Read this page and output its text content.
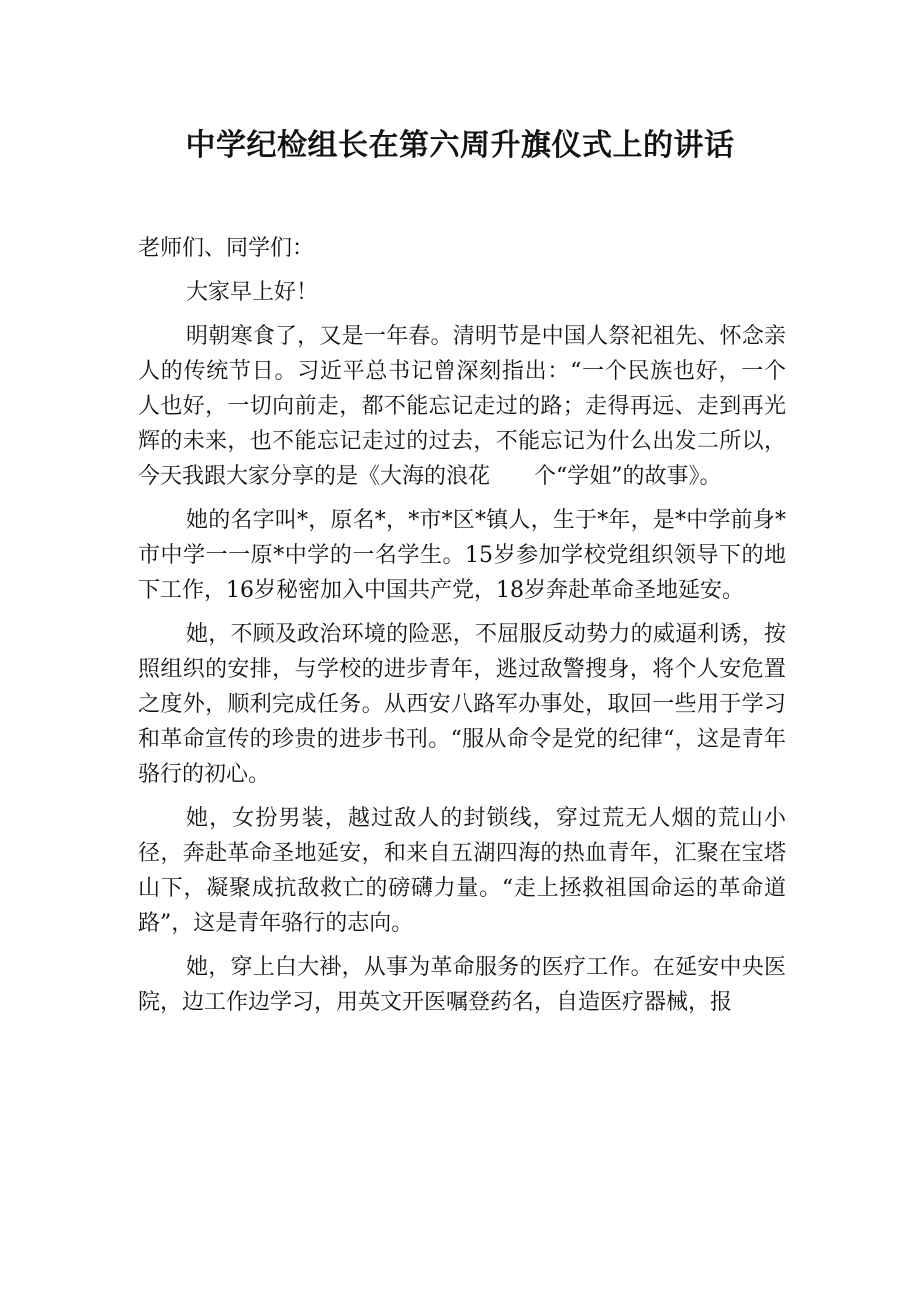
中学纪检组长在第六周升旗仪式上的讲话

老师们、同学们：

大家早上好！

明朝寒食了，又是一年春。清明节是中国人祭祀祖先、怀念亲人的传统节日。习近平总书记曾深刻指出：“一个民族也好，一个人也好，一切向前走，都不能忘记走过的路；走得再远、走到再光辉的未来，也不能忘记走过的过去，不能忘记为什么出发二所以，今天我跟大家分享的是《大海的浪花　　个“学姐”的故事》。

她的名字叫*，原名*，*市*区*镇人，生于*年，是*中学前身*市中学一一原*中学的一名学生。15岁参加学校党组织领导下的地下工作，16岁秘密加入中国共产党，18岁奔赴革命圣地延安。

她，不顾及政治环境的险恶，不屈服反动势力的威逼利诱，按照组织的安排，与学校的进步青年，逃过敌警搜身，将个人安危置之度外，顺利完成任务。从西安八路军办事处，取回一些用于学习和革命宣传的珍贵的进步书刊。“服从命令是党的纪律“，这是青年骆行的初心。

她，女扮男装，越过敌人的封锁线，穿过荒无人烟的荒山小径，奔赴革命圣地延安，和来自五湖四海的热血青年，汇聚在宝塔山下，凝聚成抗敌救亡的磅礴力量。“走上拯救祖国命运的革命道路”，这是青年骆行的志向。

她，穿上白大褂，从事为革命服务的医疗工作。在延安中央医院，边工作边学习，用英文开医嘱登药名，自造医疗器械，报
